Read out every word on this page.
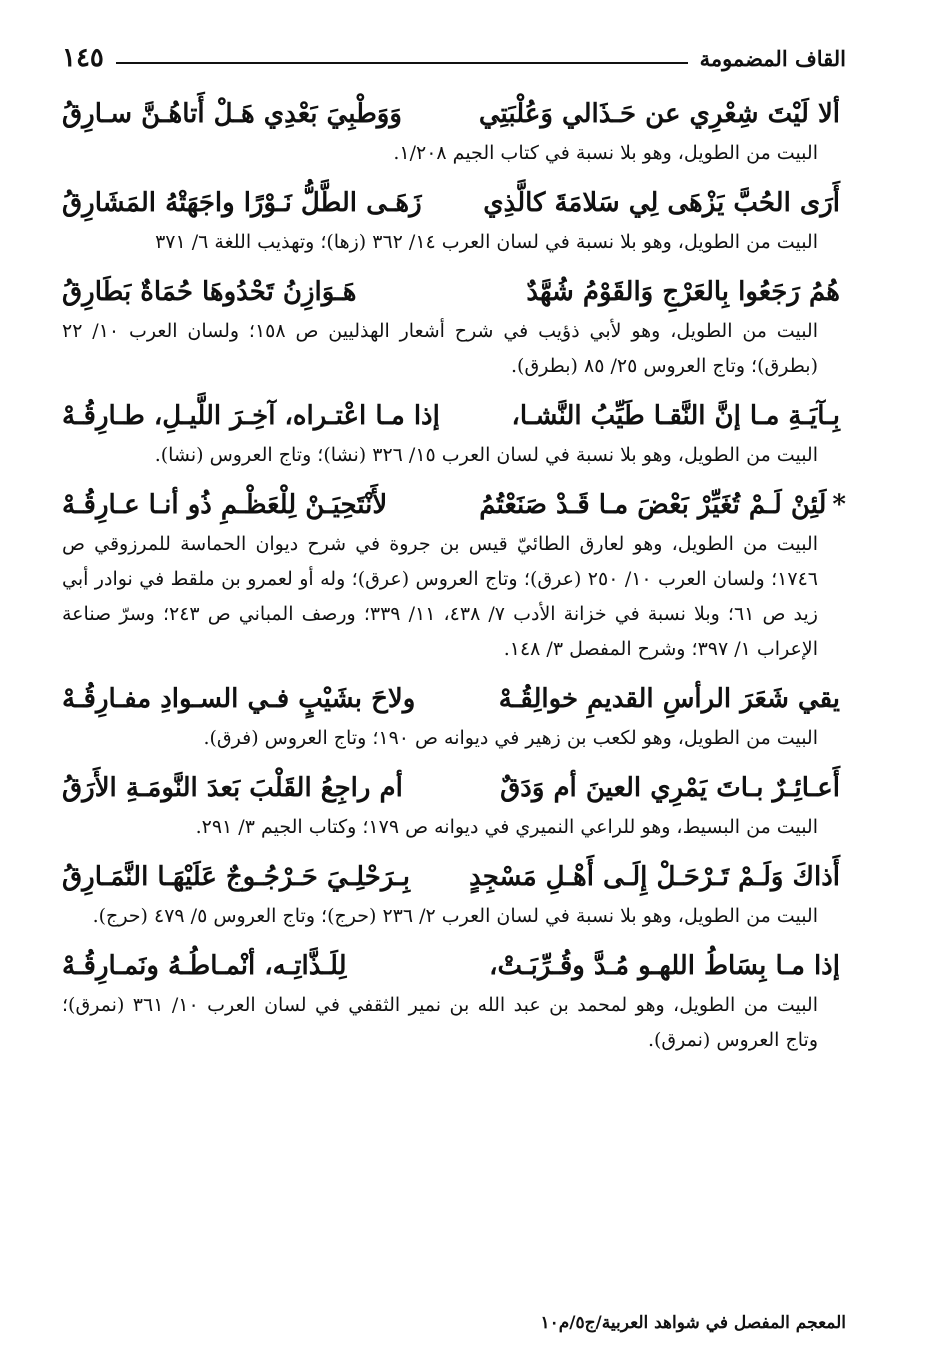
القاف المضمومة
١٤٥
ألا لَيْتَ شِعْرِي عن حَـذَالي وَعُلْبَتِي
وَوَطْبِيَ بَعْدِي هَـلْ أَتاهُـنَّ سـارِقُ
البيت من الطويل، وهو بلا نسبة في كتاب الجيم ١/٢٠٨.
أَرَى الحُبَّ يَزْهَى لِي سَلامَةَ كالَّذِي
زَهَـى الطَّلُّ نَـوْرًا واجَهَتْهُ المَشَارِقُ
البيت من الطويل، وهو بلا نسبة في لسان العرب ١٤/ ٣٦٢ (زها)؛ وتهذيب اللغة ٦/ ٣٧١
هُمُ رَجَعُوا بِالعَرْجِ وَالقَوْمُ شُهَّدٌ
هَـوَازِنُ تَحْدُوهَا حُمَاةٌ بَطَارِقُ
البيت من الطويل، وهو لأبي ذؤيب في شرح أشعار الهذليين ص ١٥٨؛ ولسان العرب ١٠/ ٢٢ (بطرق)؛ وتاج العروس ٢٥/ ٨٥ (بطرق).
بِـآيَـةِ مـا إنَّ النَّقـا طَيِّبُ النَّشـا،
إذا مـا اعْتـراه، آخِـرَ اللَّيـلِ، طـارِقُـهْ
البيت من الطويل، وهو بلا نسبة في لسان العرب ١٥/ ٣٢٦ (نشا)؛ وتاج العروس (نشا).
*لَئِنْ لَـمْ تُغَيِّرْ بَعْضَ مـا قَـدْ صَنَعْتُمُ
لأَنْتَحِيَـنْ لِلْعَظْـمِ ذُو أنـا عـارِقُـهْ
البيت من الطويل، وهو لعارق الطائيّ قيس بن جروة في شرح ديوان الحماسة للمرزوقي ص ١٧٤٦؛ ولسان العرب ١٠/ ٢٥٠ (عرق)؛ وتاج العروس (عرق)؛ وله أو لعمرو بن ملقط في نوادر أبي زيد ص ٦١؛ وبلا نسبة في خزانة الأدب ٧/ ٤٣٨، ١١/ ٣٣٩؛ ورصف المباني ص ٢٤٣؛ وسرّ صناعة الإعراب ١/ ٣٩٧؛ وشرح المفصل ٣/ ١٤٨.
يقي شَعَرَ الرأسِ القديمِ خوالِقُـهْ
ولاحَ بشَيْبٍ فـي السـوادِ مفـارِقُـهْ
البيت من الطويل، وهو لكعب بن زهير في ديوانه ص ١٩٠؛ وتاج العروس (فرق).
أَعـائِـرٌ بـاتَ يَمْرِي العينَ أم وَدَقٌ
أم راجِعُ القَلْبَ بَعدَ النَّومَـةِ الأَرَقُ
البيت من البسيط، وهو للراعي النميري في ديوانه ص ١٧٩؛ وكتاب الجيم ٣/ ٢٩١.
أَذاكَ وَلَـمْ تَـرْحَـلْ إِلَـى أَهْـلِ مَسْجِدٍ
بِـرَحْلِـيَ حَـرْجُـوجٌ عَلَيْهَـا النَّمَـارِقُ
البيت من الطويل، وهو بلا نسبة في لسان العرب ٢/ ٢٣٦ (حرج)؛ وتاج العروس ٥/ ٤٧٩ (حرج).
إذا مـا بِسَاطُ اللهـو مُـدَّ وقُـرِّبَـتْ،
لِلَـذَّاتِـه، أنْمـاطُـهُ ونَمـارِقُـهْ
البيت من الطويل، وهو لمحمد بن عبد الله بن نمير الثقفي في لسان العرب ١٠/ ٣٦١ (نمرق)؛ وتاج العروس (نمرق).
المعجم المفصل في شواهد العربية/ج٥/م١٠
